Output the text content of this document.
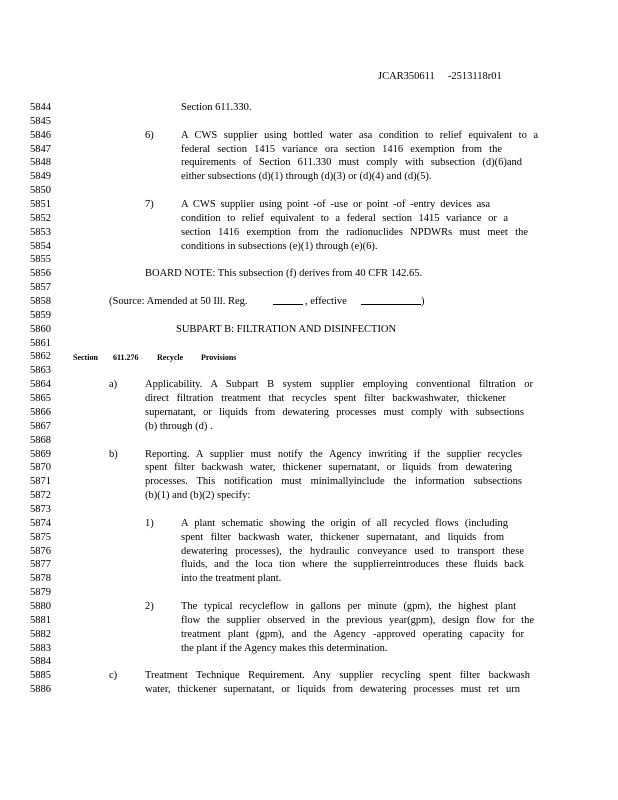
JCAR350611     -2513118r01
5844	Section 611.330.
5845
5846	6)	A CWS supplier using bottled water asa condition to relief equivalent to a
5847	federal section 1415 variance ora section 1416 exemption from the
5848	requirements of Section 611.330 must comply with subsection (d)(6)and
5849	either subsections (d)(1) through (d)(3) or (d)(4) and (d)(5).
5850
5851	7)	A CWS supplier using point -of -use or point -of -entry devices asa
5852	condition to relief equivalent to a federal section 1415 variance or a
5853	section 1416 exemption from the radionuclides NPDWRs must meet the
5854	conditions in subsections (e)(1) through (e)(6).
5855
5856	BOARD NOTE: This subsection (f) derives from 40 CFR 142.65.
5857
5858	(Source: Amended at 50 Ill. Reg.	, effective	)
5859
5860	SUBPART B: FILTRATION AND DISINFECTION
5861
5862	Section 611.276 Recycle Provisions
5863
5864	a)	Applicability. A Subpart B system supplier employing conventional filtration or
5865	direct filtration treatment that recycles spent filter backwashwater, thickener
5866	supernatant, or liquids from dewatering processes must comply with subsections
5867	(b) through (d) .
5868
5869	b)	Reporting. A supplier must notify the Agency inwriting if the supplier recycles
5870	spent filter backwash water, thickener supernatant, or liquids from dewatering
5871	processes. This notification must minimallyinclude the information subsections
5872	(b)(1) and (b)(2) specify:
5873
5874	1)	A plant schematic showing the origin of all recycled flows (including
5875	spent filter backwash water, thickener supernatant, and liquids from
5876	dewatering processes), the hydraulic conveyance used to transport these
5877	fluids, and the loca tion where the supplierreintroduces these fluids back
5878	into the treatment plant.
5879
5880	2)	The typical recycleflow in gallons per minute (gpm), the highest plant
5881	flow the supplier observed in the previous year(gpm), design flow for the
5882	treatment plant (gpm), and the Agency -approved operating capacity for
5883	the plant if the Agency makes this determination.
5884
5885	c)	Treatment Technique Requirement. Any supplier recycling spent filter backwash
5886	water, thickener supernatant, or liquids from dewatering processes must ret urn
